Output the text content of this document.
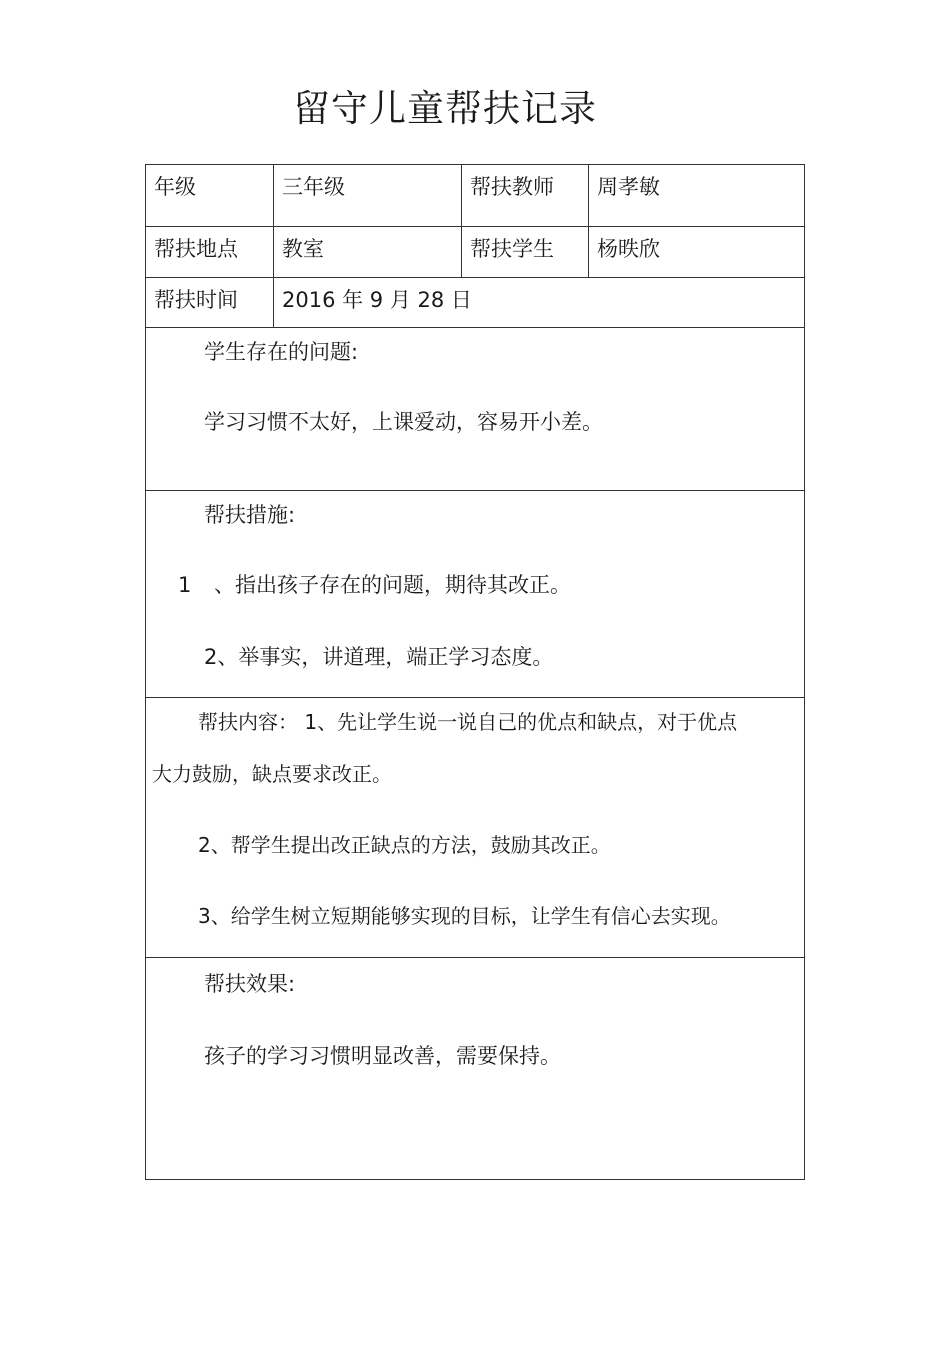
留守儿童帮扶记录
年级	三年级	帮扶教师	周孝敏
帮扶地点	教室	帮扶学生	杨昳欣
帮扶时间	2016 年 9 月 28 日		

学生存在的问题:
学习习惯不太好，上课爱动，容易开小差。			

帮扶措施:
1 、指出孩子存在的问题，期待其改正。
2、举事实，讲道理，端正学习态度。			

帮扶内容： 1、先让学生说一说自己的优点和缺点，对于优点
大力鼓励，缺点要求改正。
2、帮学生提出改正缺点的方法，鼓励其改正。
3、给学生树立短期能够实现的目标，让学生有信心去实现。			

帮扶效果:
孩子的学习习惯明显改善，需要保持。			
